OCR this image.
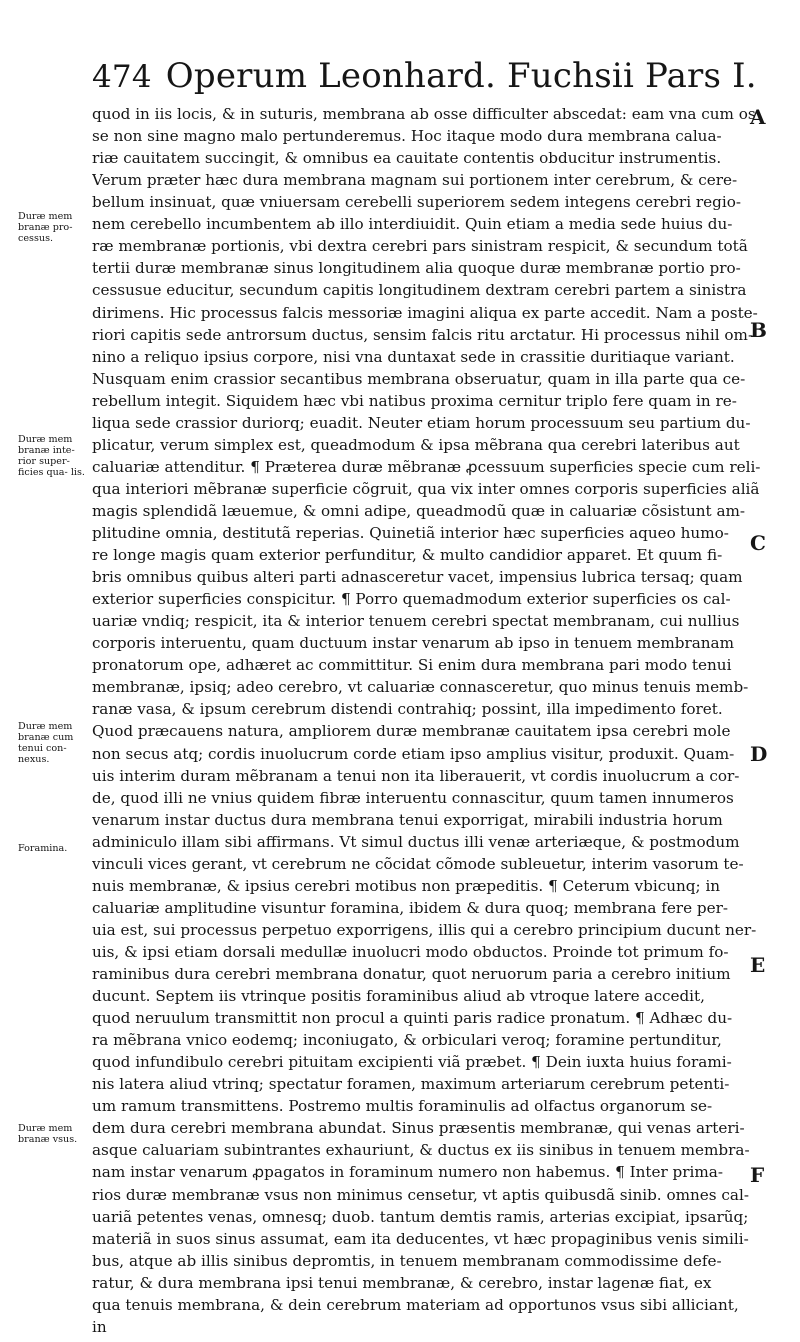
474 Operum Leonhard. Fuchsii Pars I.
quod in iis locis, & in suturis, membrana ab osse difficulter abscedat: eam vna cum os
se non sine magno malo pertunderemus. Hoc itaque modo dura membrana calua-
riæ cauitatem succingit, & omnibus ea cauitate contentis obducitur instrumentis.
Verum præter hæc dura membrana magnam sui portionem inter cerebrum, & cere-
bellum insinuat, quæ vniuersam cerebelli superiorem sedem integens cerebri regio-
nem cerebello incumbentem ab illo interdiuidit. Quin etiam a media sede huius du-
ræ membranæ portionis, vbi dextra cerebri pars sinistram respicit, & secundum totã
tertii duræ membranæ sinus longitudinem alia quoque duræ membranæ portio pro-
cessusue educitur, secundum capitis longitudinem dextram cerebri partem a sinistra
dirimens. Hic processus falcis messoriæ imagini aliqua ex parte accedit. Nam a poste-
riori capitis sede antrorsum ductus, sensim falcis ritu arctatur. Hi processus nihil om-
nino a reliquo ipsius corpore, nisi vna duntaxat sede in crassitie duritiaque variant.
Nusquam enim crassior secantibus membrana obseruatur, quam in illa parte qua ce-
rebellum integit. Siquidem hæc vbi natibus proxima cernitur triplo fere quam in re-
liqua sede crassior duriorq; euadit. Neuter etiam horum processuum seu partium du-
plicatur, verum simplex est, queadmodum & ipsa mẽbrana qua cerebri lateribus aut
caluariæ attenditur. ¶ Præterea duræ mẽbranæ ꝓcessuum superficies specie cum reli-
qua interiori mẽbranæ superficie cõgruit, qua vix inter omnes corporis superficies aliã
magis splendidã læuemue, & omni adipe, queadmodũ quæ in caluariæ cõsistunt am-
plitudine omnia, destitutã reperias. Quinetiã interior hæc superficies aqueo humo-
re longe magis quam exterior perfunditur, & multo candidior apparet. Et quum fi-
bris omnibus quibus alteri parti adnasceretur vacet, impensius lubrica tersaq; quam
exterior superficies conspicitur. ¶ Porro quemadmodum exterior superficies os cal-
uariæ vndiq; respicit, ita & interior tenuem cerebri spectat membranam, cui nullius
corporis interuentu, quam ductuum instar venarum ab ipso in tenuem membranam
pronatorum ope, adhæret ac committitur. Si enim dura membrana pari modo tenui
membranæ, ipsiq; adeo cerebro, vt caluariæ connasceretur, quo minus tenuis memb-
ranæ vasa, & ipsum cerebrum distendi contrahiq; possint, illa impedimento foret.
Quod præcauens natura, ampliorem duræ membranæ cauitatem ipsa cerebri mole
non secus atq; cordis inuolucrum corde etiam ipso amplius visitur, produxit. Quam-
uis interim duram mẽbranam a tenui non ita liberauerit, vt cordis inuolucrum a cor-
de, quod illi ne vnius quidem fibræ interuentu connascitur, quum tamen innumeros
venarum instar ductus dura membrana tenui exporrigat, mirabili industria horum
adminiculo illam sibi affirmans. Vt simul ductus illi venæ arteriæque, & postmodum
vinculi vices gerant, vt cerebrum ne cõcidat cõmode subleuetur, interim vasorum te-
nuis membranæ, & ipsius cerebri motibus non præpeditis. ¶ Ceterum vbicunq; in
caluariæ amplitudine visuntur foramina, ibidem & dura quoq; membrana fere per-
uia est, sui processus perpetuo exporrigens, illis qui a cerebro principium ducunt ner-
uis, & ipsi etiam dorsali medullæ inuolucri modo obductos. Proinde tot primum fo-
raminibus dura cerebri membrana donatur, quot neruorum paria a cerebro initium
ducunt. Septem iis vtrinque positis foraminibus aliud ab vtroque latere accedit,
quod neruulum transmittit non procul a quinti paris radice pronatum. ¶ Adhæc du-
ra mẽbrana vnico eodemq; inconiugato, & orbiculari veroq; foramine pertunditur,
quod infundibulo cerebri pituitam excipienti viã præbet. ¶ Dein iuxta huius forami-
nis latera aliud vtrinq; spectatur foramen, maximum arteriarum cerebrum petenti-
um ramum transmittens. Postremo multis foraminulis ad olfactus organorum se-
dem dura cerebri membrana abundat. Sinus præsentis membranæ, qui venas arteri-
asque caluariam subintrantes exhauriunt, & ductus ex iis sinibus in tenuem membra-
nam instar venarum ꝓpagatos in foraminum numero non habemus. ¶ Inter prima-
rios duræ membranæ vsus non minimus censetur, vt aptis quibusdã sinib. omnes cal-
uariã petentes venas, omnesq; duob. tantum demtis ramis, arterias excipiat, ipsarũq;
materiã in suos sinus assumat, eam ita deducentes, vt hæc propaginibus venis simili-
bus, atque ab illis sinibus depromtis, in tenuem membranam commodissime defe-
ratur, & dura membrana ipsi tenui membranæ, & cerebro, instar lagenæ fiat, ex
qua tenuis membrana, & dein cerebrum materiam ad opportunos vsus sibi alliciant,
in
Duræ mem branæ pro- cessus.
Duræ mem branæ inte- rior super- ficies qua- lis.
Duræ mem branæ cum tenui con- nexus.
Foramina.
Duræ mem branæ vsus.
A
B
C
D
E
F
